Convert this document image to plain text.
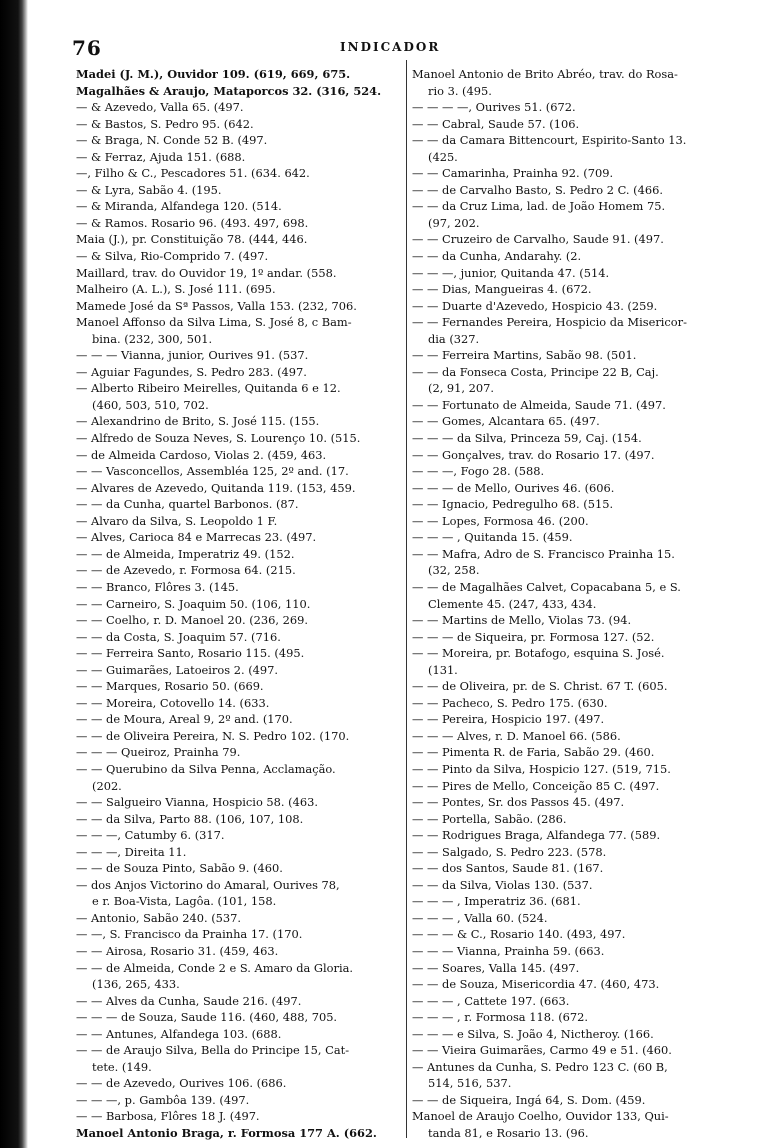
76	INDICADOR
Madei (J. M.), Ouvidor 109. (619, 669, 675.
Magalhães & Araujo, Mataporcos 32. (316, 524.
— & Azevedo, Valla 65. (497.
— & Bastos, S. Pedro 95. (642.
— & Braga, N. Conde 52 B. (497.
— & Ferraz, Ajuda 151. (688.
—, Filho & C., Pescadores 51. (634. 642.
— & Lyra, Sabão 4. (195.
— & Miranda, Alfandega 120. (514.
— & Ramos. Rosario 96. (493. 497, 698.
Maia (J.), pr. Constituição 78. (444, 446.
— & Silva, Rio-Comprido 7. (497.
Maillard, trav. do Ouvidor 19, 1º andar. (558.
Malheiro (A. L.), S. José 111. (695.
Mamede José da Sª Passos, Valla 153. (232, 706.
Manoel Affonso da Silva Lima, S. José 8, c Bam-
bina. (232, 300, 501.
— — — Vianna, junior, Ourives 91. (537.
— Aguiar Fagundes, S. Pedro 283. (497.
— Alberto Ribeiro Meirelles, Quitanda 6 e 12.
(460, 503, 510, 702.
— Alexandrino de Brito, S. José 115. (155.
— Alfredo de Souza Neves, S. Lourenço 10. (515.
— de Almeida Cardoso, Violas 2. (459, 463.
— — Vasconcellos, Assembléa 125, 2º and. (17.
— Alvares de Azevedo, Quitanda 119. (153, 459.
— — da Cunha, quartel Barbonos. (87.
— Alvaro da Silva, S. Leopoldo 1 F.
— Alves, Carioca 84 e Marrecas 23. (497.
— — de Almeida, Imperatriz 49. (152.
— — de Azevedo, r. Formosa 64. (215.
— — Branco, Flôres 3. (145.
— — Carneiro, S. Joaquim 50. (106, 110.
— — Coelho, r. D. Manoel 20. (236, 269.
— — da Costa, S. Joaquim 57. (716.
— — Ferreira Santo, Rosario 115. (495.
— — Guimarães, Latoeiros 2. (497.
— — Marques, Rosario 50. (669.
— — Moreira, Cotovello 14. (633.
— — de Moura, Areal 9, 2º and. (170.
— — de Oliveira Pereira, N. S. Pedro 102. (170.
— — — Queiroz, Prainha 79.
— — Querubino da Silva Penna, Acclamação.
(202.
— — Salgueiro Vianna, Hospicio 58. (463.
— — da Silva, Parto 88. (106, 107, 108.
— — —, Catumby 6. (317.
— — —, Direita 11.
— — de Souza Pinto, Sabão 9. (460.
— dos Anjos Victorino do Amaral, Ourives 78,
e r. Boa-Vista, Lagôa. (101, 158.
— Antonio, Sabão 240. (537.
— —, S. Francisco da Prainha 17. (170.
— — Airosa, Rosario 31. (459, 463.
— — de Almeida, Conde 2 e S. Amaro da Gloria.
(136, 265, 433.
— — Alves da Cunha, Saude 216. (497.
— — — de Souza, Saude 116. (460, 488, 705.
— — Antunes, Alfandega 103. (688.
— — de Araujo Silva, Bella do Principe 15, Cat-
tete. (149.
— — de Azevedo, Ourives 106. (686.
— — —, p. Gambôa 139. (497.
— — Barbosa, Flôres 18 J. (497.
Manoel Antonio Braga, r. Formosa 177 A. (662.
Manoel Antonio de Brito Abréo, trav. do Rosa-
rio 3. (495.
— — — —, Ourives 51. (672.
— — Cabral, Saude 57. (106.
— — da Camara Bittencourt, Espirito-Santo 13.
(425.
— — Camarinha, Prainha 92. (709.
— — de Carvalho Basto, S. Pedro 2 C. (466.
— — da Cruz Lima, lad. de João Homem 75.
(97, 202.
— — Cruzeiro de Carvalho, Saude 91. (497.
— — da Cunha, Andarahy. (2.
— — —, junior, Quitanda 47. (514.
— — Dias, Mangueiras 4. (672.
— — Duarte d'Azevedo, Hospicio 43. (259.
— — Fernandes Pereira, Hospicio da Misericor-
dia (327.
— — Ferreira Martins, Sabão 98. (501.
— — da Fonseca Costa, Principe 22 B, Caj.
(2, 91, 207.
— — Fortunato de Almeida, Saude 71. (497.
— — Gomes, Alcantara 65. (497.
— — — da Silva, Princeza 59, Caj. (154.
— — Gonçalves, trav. do Rosario 17. (497.
— — —, Fogo 28. (588.
— — — de Mello, Ourives 46. (606.
— — Ignacio, Pedregulho 68. (515.
— — Lopes, Formosa 46. (200.
— — — , Quitanda 15. (459.
— — Mafra, Adro de S. Francisco Prainha 15.
(32, 258.
— — de Magalhães Calvet, Copacabana 5, e S.
Clemente 45. (247, 433, 434.
— — Martins de Mello, Violas 73. (94.
— — — de Siqueira, pr. Formosa 127. (52.
— — Moreira, pr. Botafogo, esquina S. José.
(131.
— — de Oliveira, pr. de S. Christ. 67 T. (605.
— — Pacheco, S. Pedro 175. (630.
— — Pereira, Hospicio 197. (497.
— — — Alves, r. D. Manoel 66. (586.
— — Pimenta R. de Faria, Sabão 29. (460.
— — Pinto da Silva, Hospicio 127. (519, 715.
— — Pires de Mello, Conceição 85 C. (497.
— — Pontes, Sr. dos Passos 45. (497.
— — Portella, Sabão. (286.
— — Rodrigues Braga, Alfandega 77. (589.
— — Salgado, S. Pedro 223. (578.
— — dos Santos, Saude 81. (167.
— — da Silva, Violas 130. (537.
— — — , Imperatriz 36. (681.
— — — , Valla 60. (524.
— — — & C., Rosario 140. (493, 497.
— — — Vianna, Prainha 59. (663.
— — Soares, Valla 145. (497.
— — de Souza, Misericordia 47. (460, 473.
— — — , Cattete 197. (663.
— — — , r. Formosa 118. (672.
— — — e Silva, S. João 4, Nictheroy. (166.
— — Vieira Guimarães, Carmo 49 e 51. (460.
— Antunes da Cunha, S. Pedro 123 C. (60 B,
514, 516, 537.
— — de Siqueira, Ingá 64, S. Dom. (459.
Manoel de Araujo Coelho, Ouvidor 133, Qui-
tanda 81, e Rosario 13. (96.
